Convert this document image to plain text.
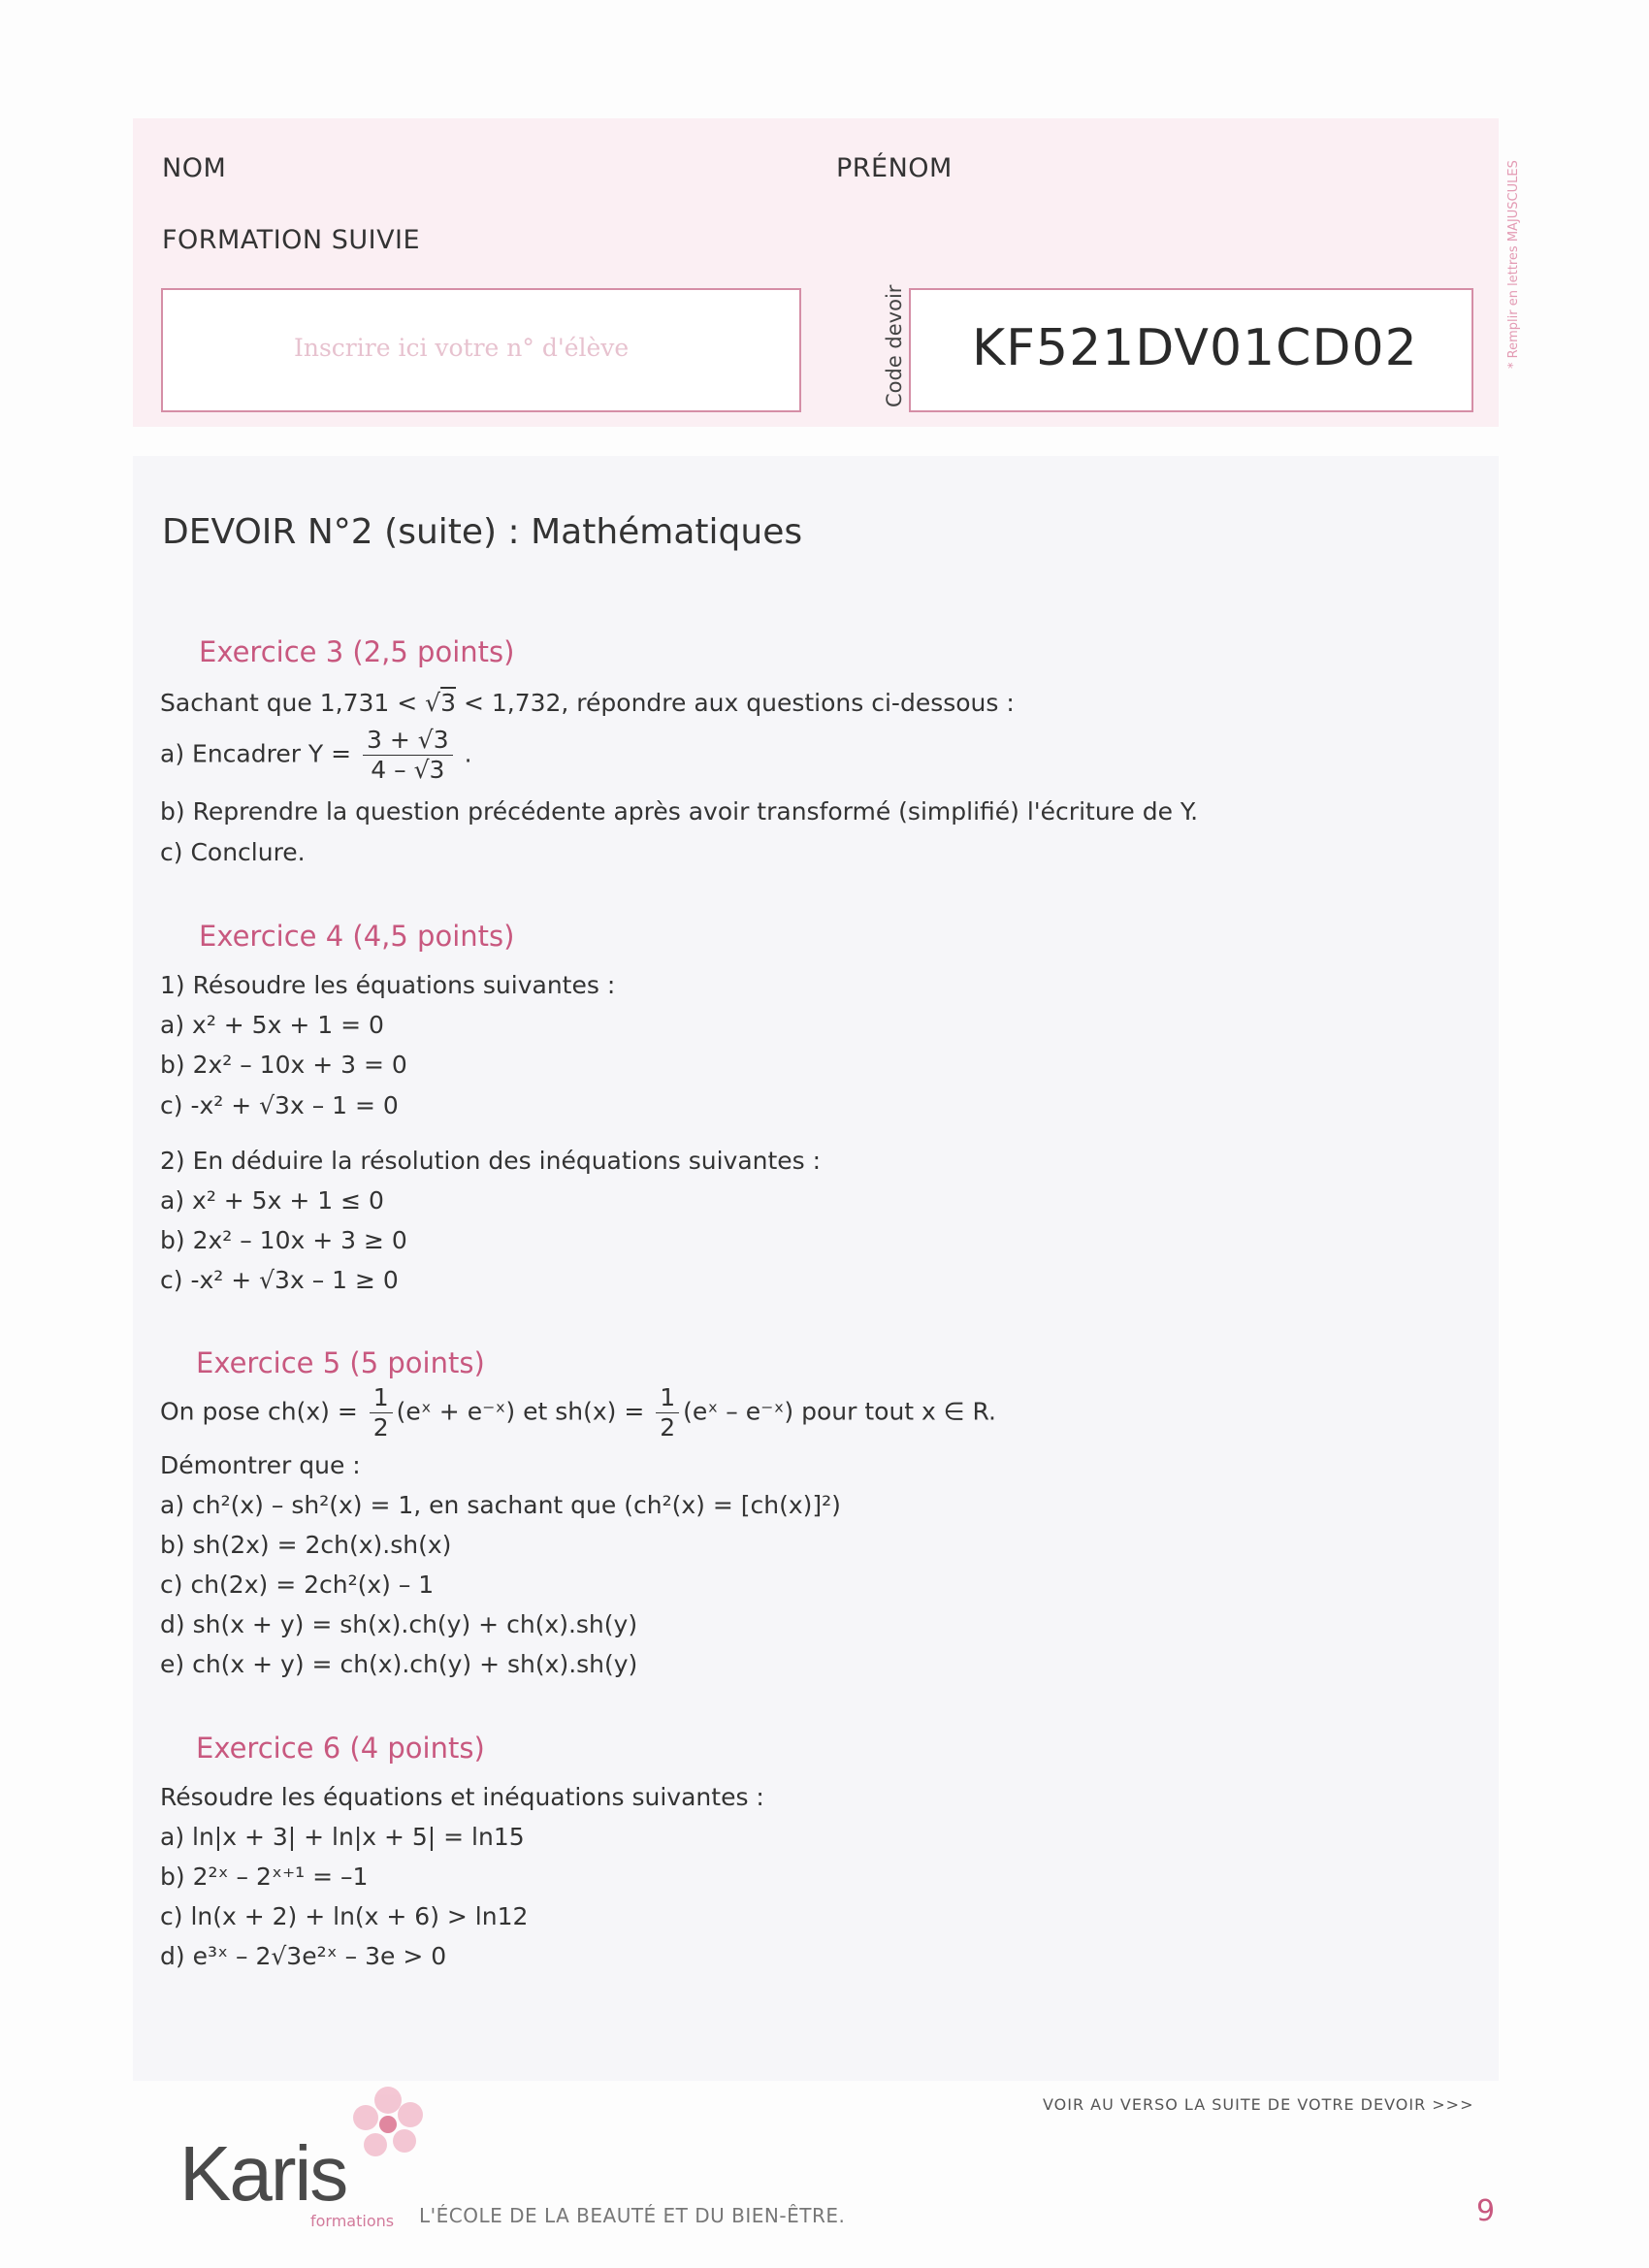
NOM	PRÉNOM
FORMATION SUIVIE
Inscrire ici votre n° d'élève	Code devoir KF521DV01CD02	* Remplir en lettres MAJUSCULES
DEVOIR N°2 (suite) : Mathématiques
Exercice 3 (2,5 points)
Sachant que 1,731 < √3 < 1,732, répondre aux questions ci-dessous :
a) Encadrer $Y = \frac{3 + √3}{4 - √3}$ .
b) Reprendre la question précédente après avoir transformé (simplifié) l'écriture de Y.
c) Conclure.
Exercice 4 (4,5 points)
1) Résoudre les équations suivantes :
a) x² + 5x + 1 = 0
b) 2x² – 10x + 3 = 0
c) -x² + √3x – 1 = 0
2) En déduire la résolution des inéquations suivantes :
a) x² + 5x + 1 ≤ 0
b) 2x² – 10x + 3 ≥ 0
c) -x² + √3x – 1 ≥ 0
Exercice 5 (5 points)
On pose $ch(x) = \frac{1}{2}$ (eˣ + e⁻ˣ) et $sh(x) = \frac{1}{2}$ (eˣ – e⁻ˣ) pour tout x ∈ R.
Démontrer que :
a) ch²(x) – sh²(x) = 1, en sachant que (ch²(x) = [ch(x)]²)
b) sh(2x) = 2ch(x).sh(x)
c) ch(2x) = 2ch²(x) – 1
d) sh(x + y) = sh(x).ch(y) + ch(x).sh(y)
e) ch(x + y) = ch(x).ch(y) + sh(x).sh(y)
Exercice 6 (4 points)
Résoudre les équations et inéquations suivantes :
a) ln|x + 3| + ln|x + 5| = ln15
b) 2²ˣ – 2ˣ⁺¹ = –1
c) ln(x + 2) + ln(x + 6) > ln12
d) e³ˣ – 2√3e²ˣ – 3e > 0
VOIR AU VERSO LA SUITE DE VOTRE DEVOIR >>>
Karis
formations L'ÉCOLE DE LA BEAUTÉ ET DU BIEN-ÊTRE.	9
